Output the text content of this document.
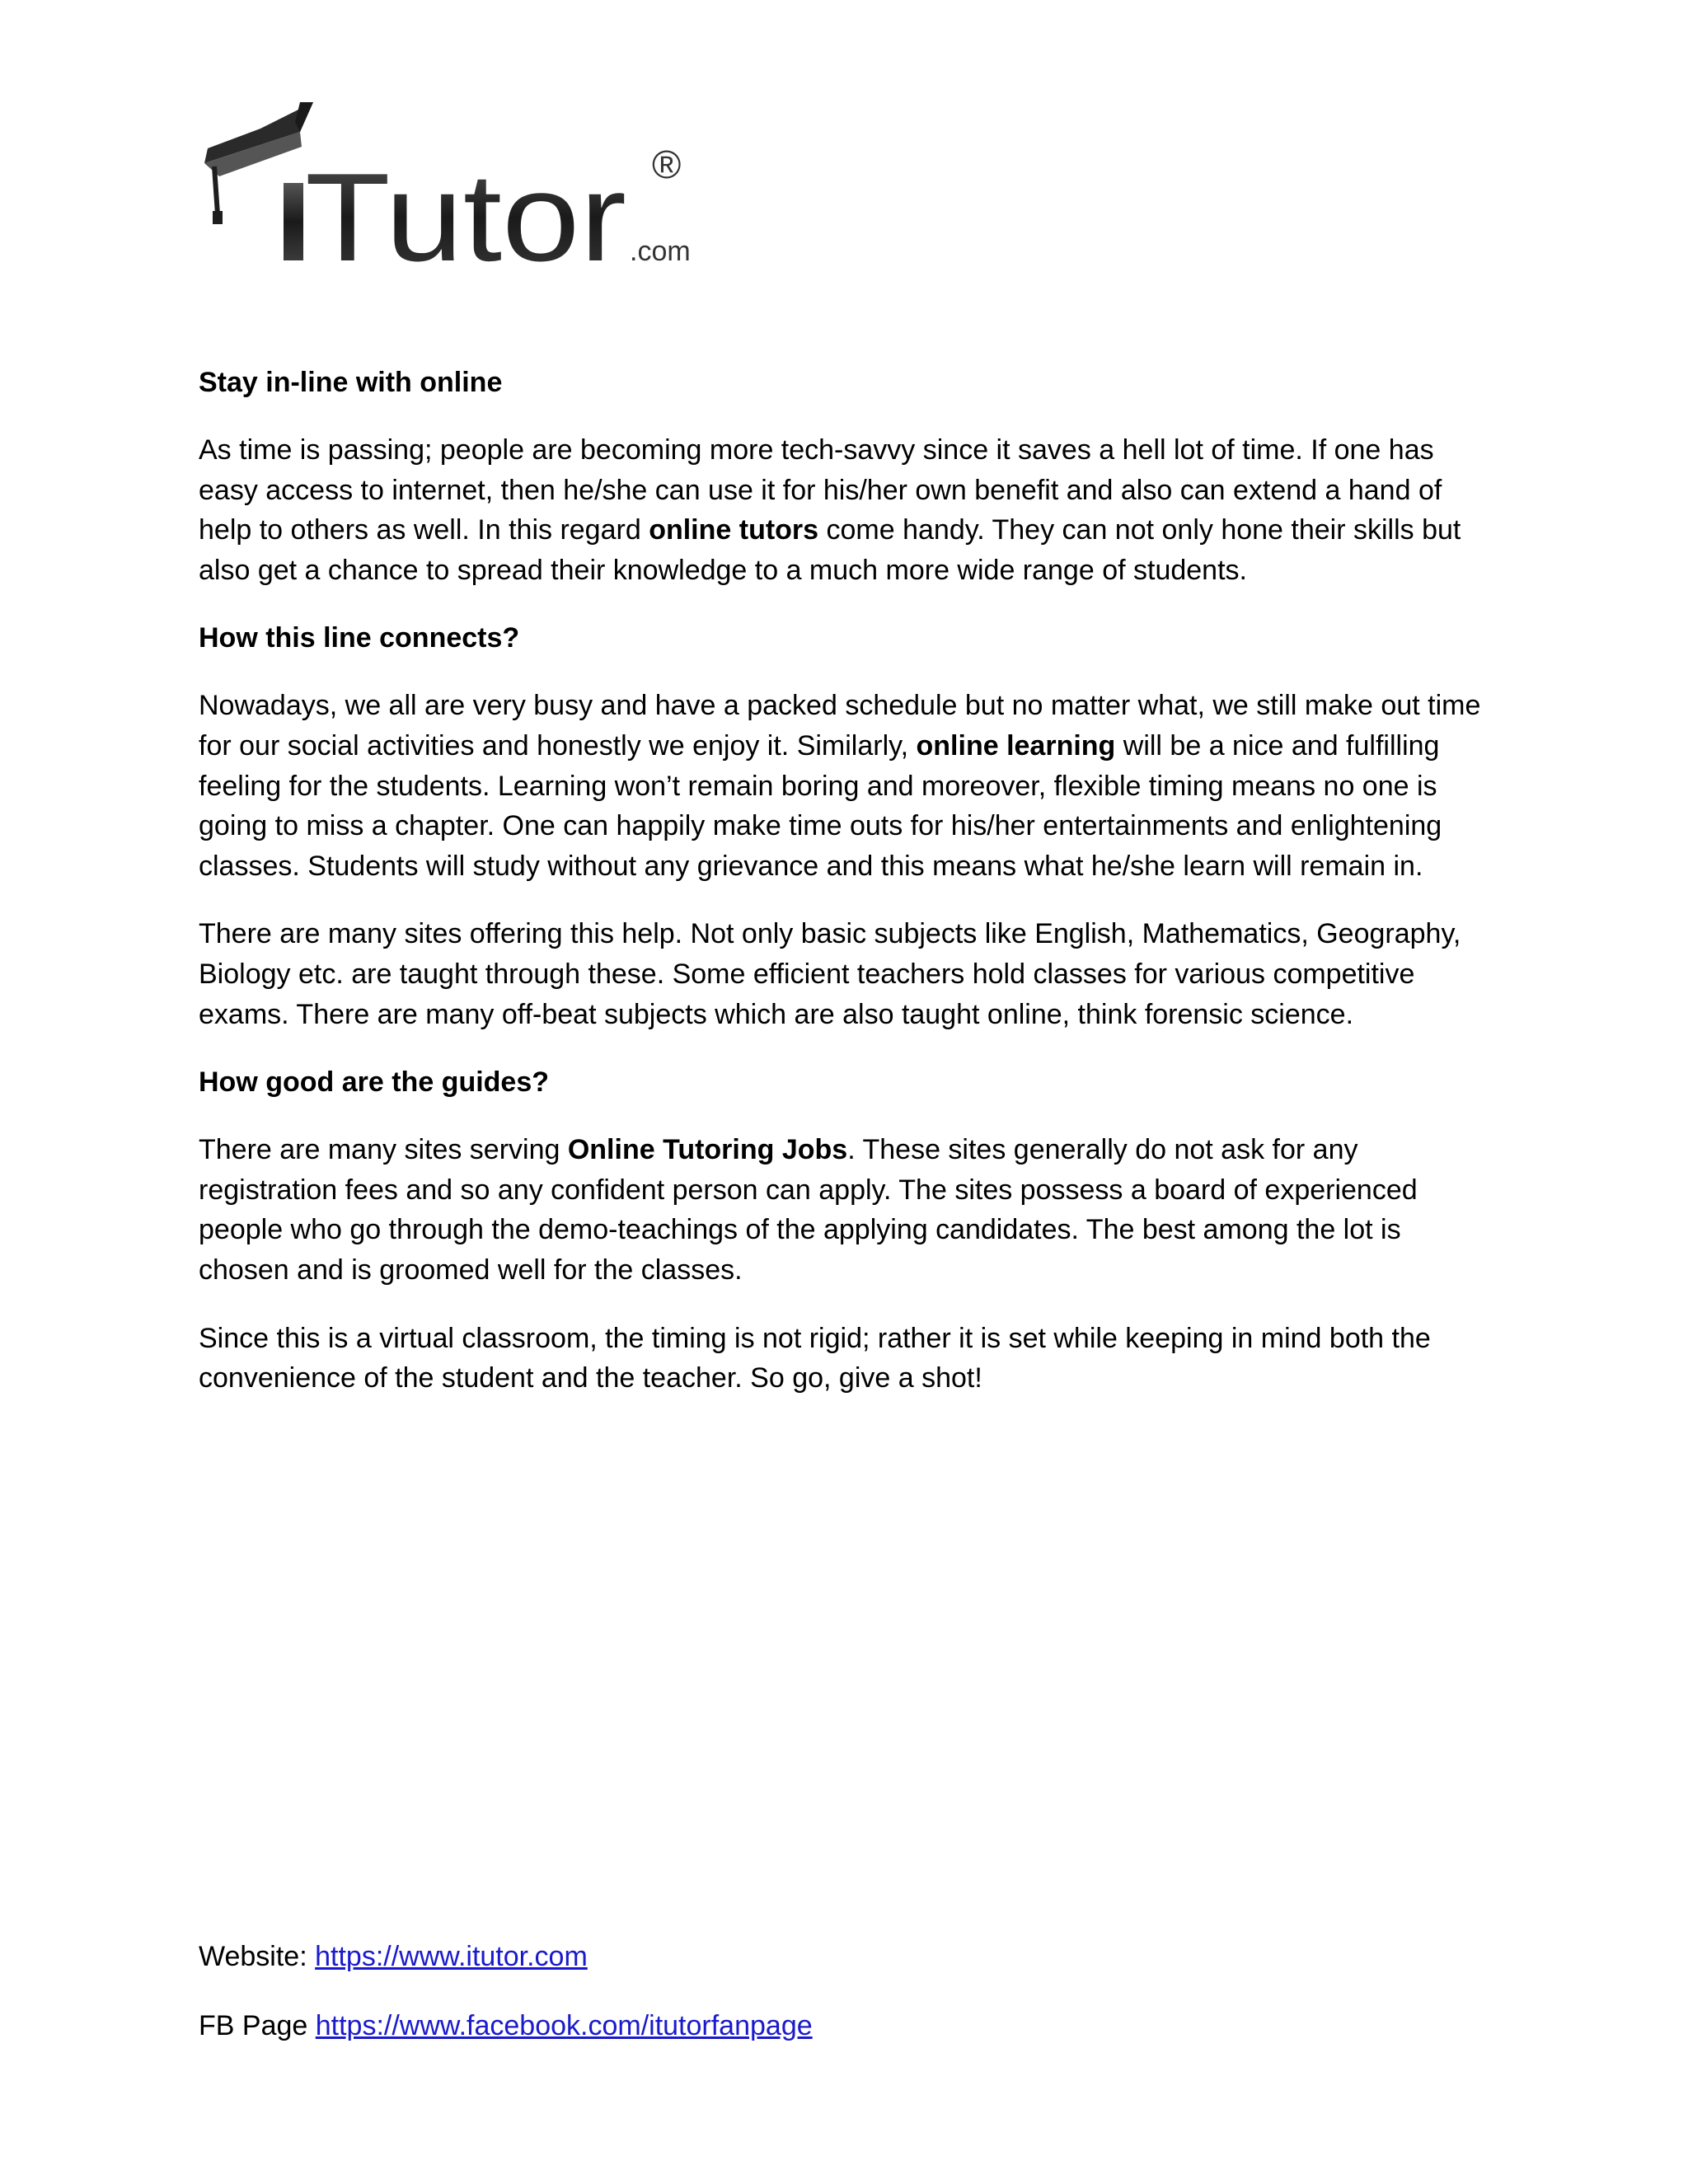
Tutor ®
.com
Stay in-line with online
As time is passing; people are becoming more tech-savvy since it saves a hell lot of time. If one has easy access to internet, then he/she can use it for his/her own benefit and also can extend a hand of help to others as well. In this regard online tutors come handy. They can not only hone their skills but also get a chance to spread their knowledge to a much more wide range of students.
How this line connects?
Nowadays, we all are very busy and have a packed schedule but no matter what, we still make out time for our social activities and honestly we enjoy it. Similarly, online learning will be a nice and fulfilling feeling for the students. Learning won’t remain boring and moreover, flexible timing means no one is going to miss a chapter. One can happily make time outs for his/her entertainments and enlightening classes. Students will study without any grievance and this means what he/she learn will remain in.
There are many sites offering this help. Not only basic subjects like English, Mathematics, Geography, Biology etc. are taught through these. Some efficient teachers hold classes for various competitive exams. There are many off-beat subjects which are also taught online, think forensic science.
How good are the guides?
There are many sites serving Online Tutoring Jobs. These sites generally do not ask for any registration fees and so any confident person can apply. The sites possess a board of experienced people who go through the demo-teachings of the applying candidates. The best among the lot is chosen and is groomed well for the classes.
Since this is a virtual classroom, the timing is not rigid; rather it is set while keeping in mind both the convenience of the student and the teacher. So go, give a shot!
Website: https://www.itutor.com
FB Page https://www.facebook.com/itutorfanpage
